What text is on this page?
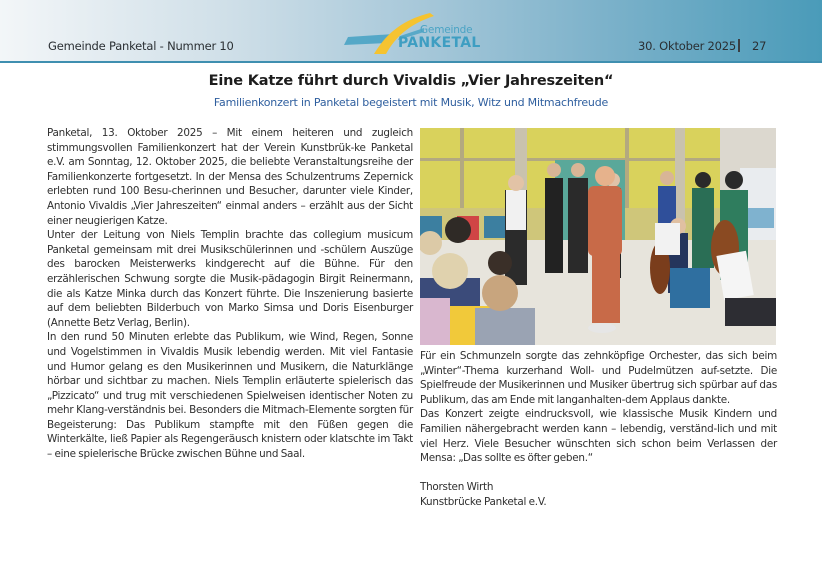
Gemeinde Panketal - Nummer 10
Gemeinde
PANKETAL	30. Oktober 2025 27
Eine Katze führt durch Vivaldis „Vier Jahreszeiten“
Familienkonzert in Panketal begeistert mit Musik, Witz und Mitmachfreude

Panketal, 13. Oktober 2025 – Mit einem heiteren und zugleich stimmungsvollen Familienkonzert hat der Verein Kunstbrük-ke Panketal e.V. am Sonntag, 12. Oktober 2025, die beliebte Veranstaltungsreihe der Familienkonzerte fortgesetzt. In der Mensa des Schulzentrums Zepernick erlebten rund 100 Besu-cherinnen und Besucher, darunter viele Kinder, Antonio Vivaldis „Vier Jahreszeiten“ einmal anders – erzählt aus der Sicht einer neugierigen Katze.

Unter der Leitung von Niels Templin brachte das collegium musicum Panketal gemeinsam mit drei Musikschülerinnen und -schülern Auszüge des barocken Meisterwerks kindgerecht auf die Bühne. Für den erzählerischen Schwung sorgte die Musik-pädagogin Birgit Reinermann, die als Katze Minka durch das Konzert führte. Die Inszenierung basierte auf dem beliebten Bilderbuch von Marko Simsa und Doris Eisenburger (Annette Betz Verlag, Berlin).

In den rund 50 Minuten erlebte das Publikum, wie Wind, Regen, Sonne und Vogelstimmen in Vivaldis Musik lebendig werden. Mit viel Fantasie und Humor gelang es den Musikerinnen und Musikern, die Naturklänge hörbar und sichtbar zu machen. Niels Templin erläuterte spielerisch das „Pizzicato“ und trug mit verschiedenen Spielweisen identischer Noten zu mehr Klang-verständnis bei. Besonders die Mitmach-Elemente sorgten für Begeisterung: Das Publikum stampfte mit den Füßen gegen die Winterkälte, ließ Papier als Regengeräusch knistern oder klatschte im Takt – eine spielerische Brücke zwischen Bühne und Saal.

Für ein Schmunzeln sorgte das zehnköpfige Orchester, das sich beim „Winter“-Thema kurzerhand Woll- und Pudelmützen auf-setzte. Die Spielfreude der Musikerinnen und Musiker übertrug sich spürbar auf das Publikum, das am Ende mit langanhalten-dem Applaus dankte.

Das Konzert zeigte eindrucksvoll, wie klassische Musik Kindern und Familien nähergebracht werden kann – lebendig, verständ-lich und mit viel Herz. Viele Besucher wünschten sich schon beim Verlassen der Mensa: „Das sollte es öfter geben.“

Thorsten Wirth

Kunstbrücke Panketal e.V.
